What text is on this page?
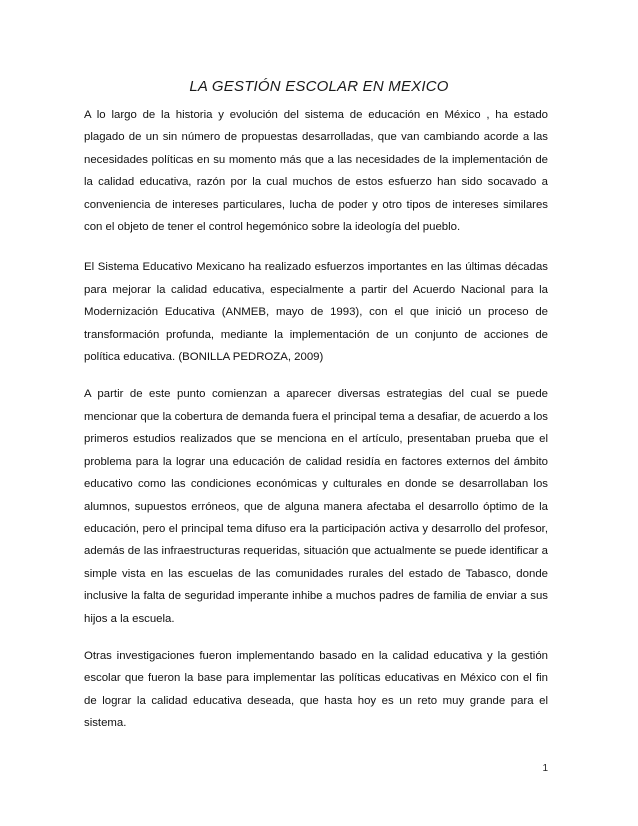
LA GESTIÓN ESCOLAR EN MEXICO

A lo largo de la historia y evolución del sistema de educación en México , ha estado plagado de un sin número de propuestas desarrolladas, que van cambiando acorde a las necesidades políticas en su momento más que a las necesidades de la implementación de la calidad educativa, razón por la cual muchos de estos esfuerzo han sido socavado a conveniencia de intereses particulares, lucha de poder y otro tipos de intereses similares con el objeto de tener el control hegemónico sobre la ideología del pueblo.

El Sistema Educativo Mexicano ha realizado esfuerzos importantes en las últimas décadas para mejorar la calidad educativa, especialmente a partir del Acuerdo Nacional para la Modernización Educativa (ANMEB, mayo de 1993), con el que inició un proceso de transformación profunda, mediante la implementación de un conjunto de acciones de política educativa. (BONILLA PEDROZA, 2009)

A partir de este punto comienzan a aparecer diversas estrategias del cual se puede mencionar que la cobertura de demanda fuera el principal tema a desafiar, de acuerdo a los primeros estudios realizados que se menciona en el artículo, presentaban prueba que el problema para la lograr una educación de calidad residía en factores externos del ámbito educativo como las condiciones económicas y culturales en donde se desarrollaban los alumnos, supuestos erróneos, que de alguna manera afectaba el desarrollo óptimo de la educación, pero el principal tema difuso era la participación activa y desarrollo del profesor, además de las infraestructuras requeridas, situación que actualmente se puede identificar a simple vista en las escuelas de las comunidades rurales del estado de Tabasco, donde inclusive la falta de seguridad imperante inhibe a muchos padres de familia de enviar a sus hijos a la escuela.

Otras investigaciones fueron implementando basado en la calidad educativa y la gestión escolar que fueron la base para implementar las políticas educativas en México con el fin de lograr la calidad educativa deseada, que hasta hoy es un reto muy grande para el sistema.

1
